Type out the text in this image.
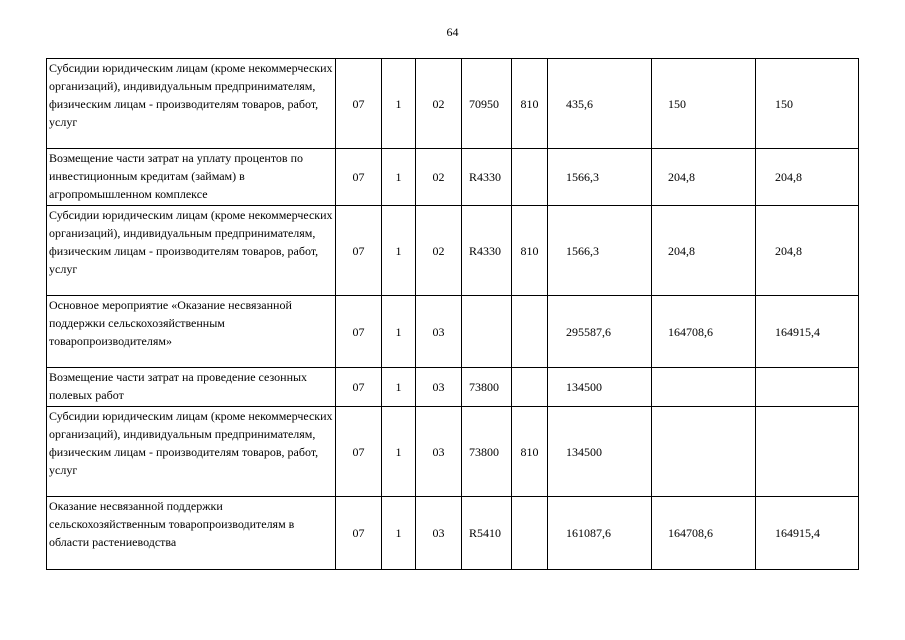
64
Субсидии юридическим лицам (кроме некоммерческих организаций), индивидуальным предпринимателям, физическим лицам - производителям товаров, работ, услуг	07	1	02	70950	810	435,6	150	150
Возмещение части затрат на уплату процентов по инвестиционным кредитам (займам) в агропромышленном комплексе	07	1	02	R4330		1566,3	204,8	204,8
Субсидии юридическим лицам (кроме некоммерческих организаций), индивидуальным предпринимателям, физическим лицам - производителям товаров, работ, услуг	07	1	02	R4330	810	1566,3	204,8	204,8
Основное мероприятие «Оказание несвязанной поддержки сельскохозяйственным товаропроизводителям»	07	1	03			295587,6	164708,6	164915,4
Возмещение части затрат на проведение сезонных полевых работ	07	1	03	73800		134500		
Субсидии юридическим лицам (кроме некоммерческих организаций), индивидуальным предпринимателям, физическим лицам - производителям товаров, работ, услуг	07	1	03	73800	810	134500		
Оказание несвязанной поддержки сельскохозяйственным товаропроизводителям в области растениеводства	07	1	03	R5410		161087,6	164708,6	164915,4
